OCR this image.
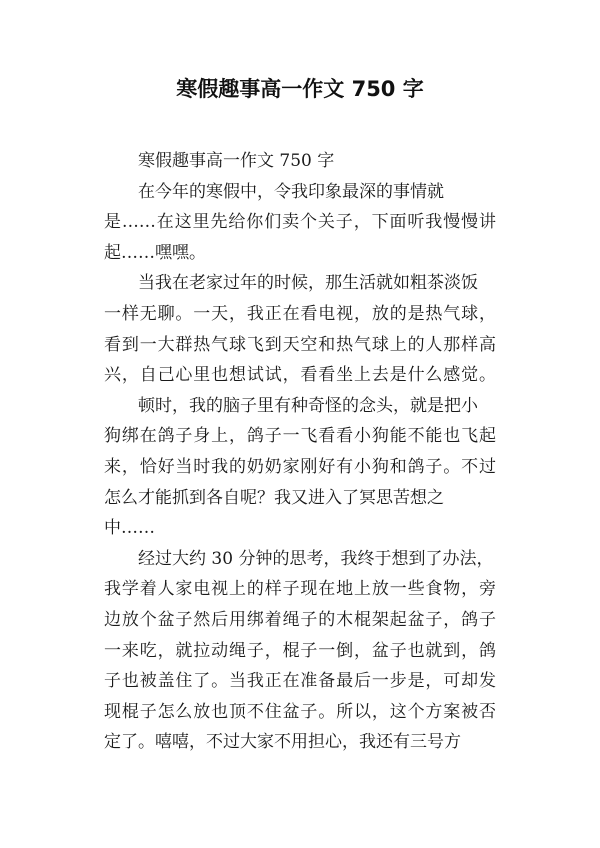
寒假趣事高一作文 750 字
寒假趣事高一作文 750 字
在今年的寒假中，令我印象最深的事情就
是……在这里先给你们卖个关子，下面听我慢慢讲
起……嘿嘿。
当我在老家过年的时候，那生活就如粗茶淡饭
一样无聊。一天，我正在看电视，放的是热气球，
看到一大群热气球飞到天空和热气球上的人那样高
兴，自己心里也想试试，看看坐上去是什么感觉。
顿时，我的脑子里有种奇怪的念头，就是把小
狗绑在鸽子身上，鸽子一飞看看小狗能不能也飞起
来，恰好当时我的奶奶家刚好有小狗和鸽子。不过
怎么才能抓到各自呢？我又进入了冥思苦想之
中……
经过大约 30 分钟的思考，我终于想到了办法，
我学着人家电视上的样子现在地上放一些食物，旁
边放个盆子然后用绑着绳子的木棍架起盆子，鸽子
一来吃，就拉动绳子，棍子一倒，盆子也就到，鸽
子也被盖住了。当我正在准备最后一步是，可却发
现棍子怎么放也顶不住盆子。所以，这个方案被否
定了。嘻嘻，不过大家不用担心，我还有三号方
